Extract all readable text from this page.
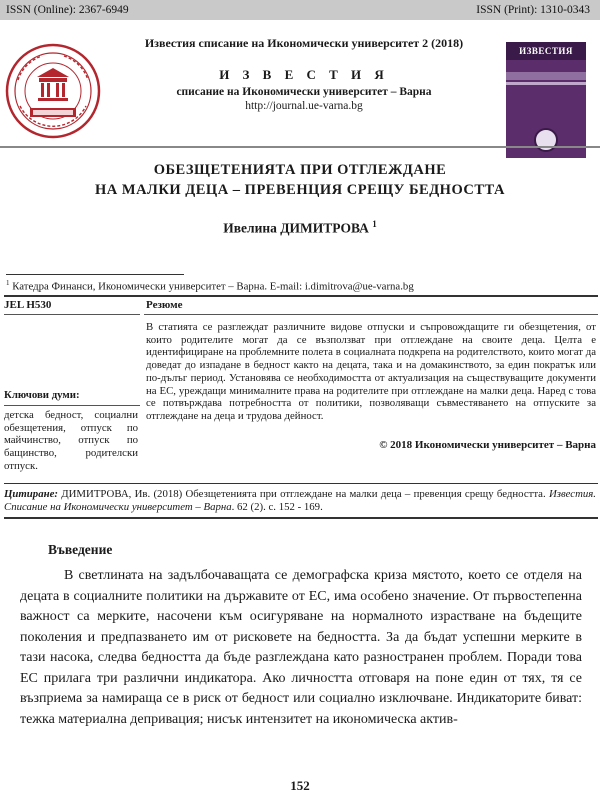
ISSN (Online): 2367-6949	ISSN (Print): 1310-0343
Известия списание на Икономически университет 2 (2018)
И З В Е С Т И Я
списание на Икономически университет – Варна
http://journal.ue-varna.bg
ИЗВЕСТИЯ
ОБЕЗЩЕТЕНИЯТА ПРИ ОТГЛЕЖДАНЕ
НА МАЛКИ ДЕЦА – ПРЕВЕНЦИЯ СРЕЩУ БЕДНОСТТА
Ивелина ДИМИТРОВА $^1$
$^1$ Катедра Финанси, Икономически университет – Варна. E-mail: i.dimitrova@ue-varna.bg
JEL H530
Ключови думи:
детска бедност, социални обезщетения, отпуск по майчинство, отпуск по бащинство, родителски отпуск.
Резюме
В статията се разглеждат различните видове отпуски и съпровождащите ги обезщетения, от които родителите могат да се възползват при отглеждане на своите деца. Целта е идентифициране на проблемните полета в социалната подкрепа на родителството, които могат да доведат до изпадане в бедност както на децата, така и на домакинството, за един пократък или по-дълъг период. Установява се необходимостта от актуализация на съществуващите документи на ЕС, уреждащи минималните права на родителите при отглеждане на малки деца. Наред с това се потвърждава потребността от политики, позволяващи съвместяването на отпуските за отглеждане на деца и трудова дейност.
© 2018 Икономически университет – Варна
Цитиране: ДИМИТРОВА, Ив. (2018) Обезщетенията при отглеждане на малки деца – превенция срещу бедността. Известия. Списание на Икономически университет – Варна. 62 (2). с. 152 - 169.
Въведение
В светлината на задълбочаващата се демографска криза мястото, което се отделя на децата в социалните политики на държавите от ЕС, има особено значение. От първостепенна важност са мерките, насочени към осигуряване на нормалното израстване на бъдещите поколения и предпазването им от рисковете на бедността. За да бъдат успешни мерките в тази насока, следва бедността да бъде разглеждана като разностранен проблем. Поради това ЕС прилага три различни индикатора. Ако личността отговаря на поне един от тях, тя се възприема за намираща се в риск от бедност или социално изключване. Индикаторите биват: тежка материална депривация; нисък интензитет на икономическа актив-
152
